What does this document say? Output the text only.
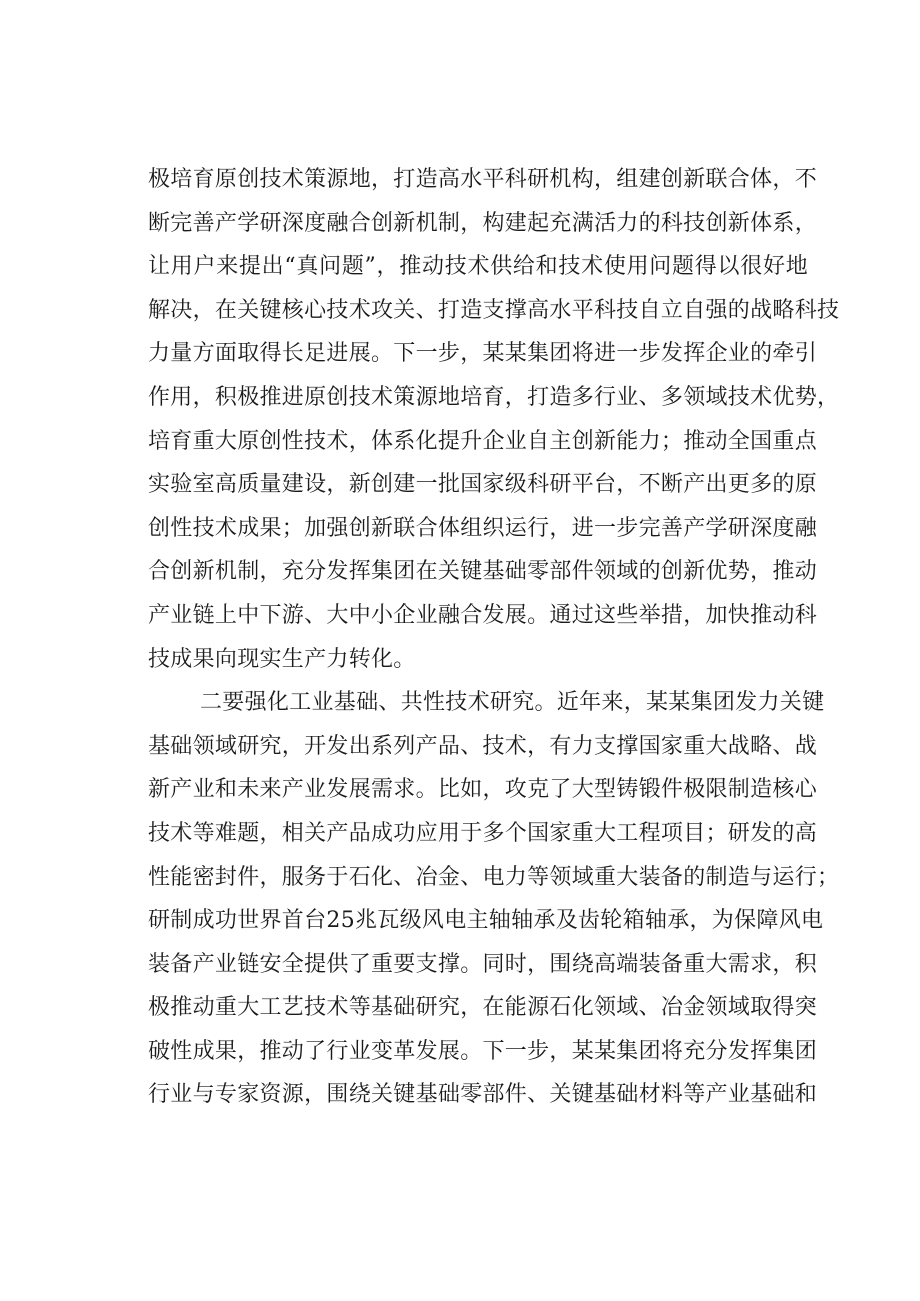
极培育原创技术策源地，打造高水平科研机构，组建创新联合体，不
断完善产学研深度融合创新机制，构建起充满活力的科技创新体系，
让用户来提出“真问题”，推动技术供给和技术使用问题得以很好地
解决，在关键核心技术攻关、打造支撑高水平科技自立自强的战略科技
力量方面取得长足进展。下一步，某某集团将进一步发挥企业的牵引
作用，积极推进原创技术策源地培育，打造多行业、多领域技术优势，
培育重大原创性技术，体系化提升企业自主创新能力；推动全国重点
实验室高质量建设，新创建一批国家级科研平台，不断产出更多的原
创性技术成果；加强创新联合体组织运行，进一步完善产学研深度融
合创新机制，充分发挥集团在关键基础零部件领域的创新优势，推动
产业链上中下游、大中小企业融合发展。通过这些举措，加快推动科
技成果向现实生产力转化。
二要强化工业基础、共性技术研究。近年来，某某集团发力关键
基础领域研究，开发出系列产品、技术，有力支撑国家重大战略、战
新产业和未来产业发展需求。比如，攻克了大型铸锻件极限制造核心
技术等难题，相关产品成功应用于多个国家重大工程项目；研发的高
性能密封件，服务于石化、冶金、电力等领域重大装备的制造与运行；
研制成功世界首台25兆瓦级风电主轴轴承及齿轮箱轴承，为保障风电
装备产业链安全提供了重要支撑。同时，围绕高端装备重大需求，积
极推动重大工艺技术等基础研究，在能源石化领域、冶金领域取得突
破性成果，推动了行业变革发展。下一步，某某集团将充分发挥集团
行业与专家资源，围绕关键基础零部件、关键基础材料等产业基础和
